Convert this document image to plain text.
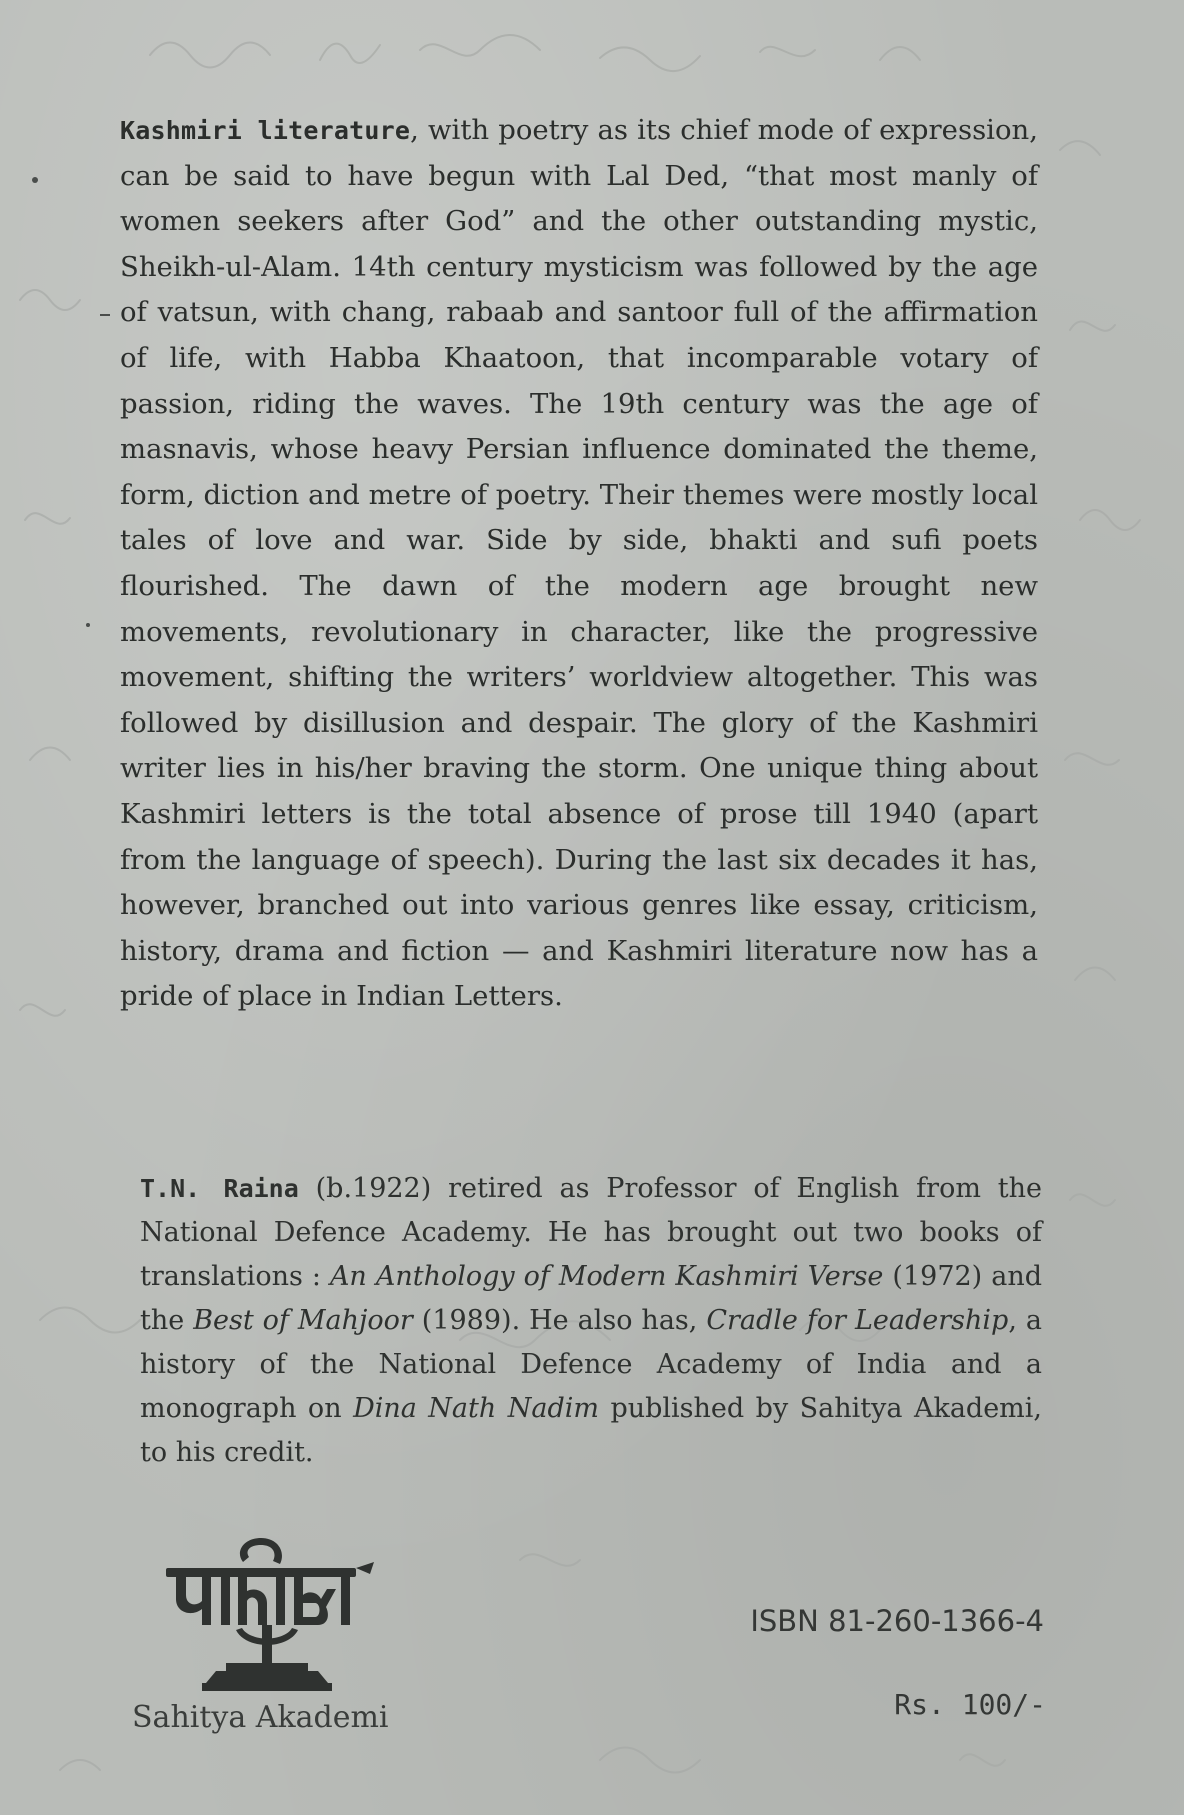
Kashmiri literature, with poetry as its chief mode of expression, can be said to have begun with Lal Ded, “that most manly of women seekers after God” and the other outstanding mystic, Sheikh-ul-Alam. 14th century mysticism was followed by the age of vatsun, with chang, rabaab and santoor full of the affirmation of life, with Habba Khaatoon, that incomparable votary of passion, riding the waves. The 19th century was the age of masnavis, whose heavy Persian influence dominated the theme, form, diction and metre of poetry. Their themes were mostly local tales of love and war. Side by side, bhakti and sufi poets flourished. The dawn of the modern age brought new movements, revolutionary in character, like the progressive movement, shifting the writers’ worldview altogether. This was followed by disillusion and despair. The glory of the Kashmiri writer lies in his/her braving the storm. One unique thing about Kashmiri letters is the total absence of prose till 1940 (apart from the language of speech). During the last six decades it has, however, branched out into various genres like essay, criticism, history, drama and fiction — and Kashmiri literature now has a pride of place in Indian Letters.
T.N. Raina (b.1922) retired as Professor of English from the National Defence Academy. He has brought out two books of translations : An Anthology of Modern Kashmiri Verse (1972) and the Best of Mahjoor (1989). He also has, Cradle for Leadership, a history of the National Defence Academy of India and a monograph on Dina Nath Nadim published by Sahitya Akademi, to his credit.
Sahitya Akademi
ISBN 81-260-1366-4
Rs. 100/-
